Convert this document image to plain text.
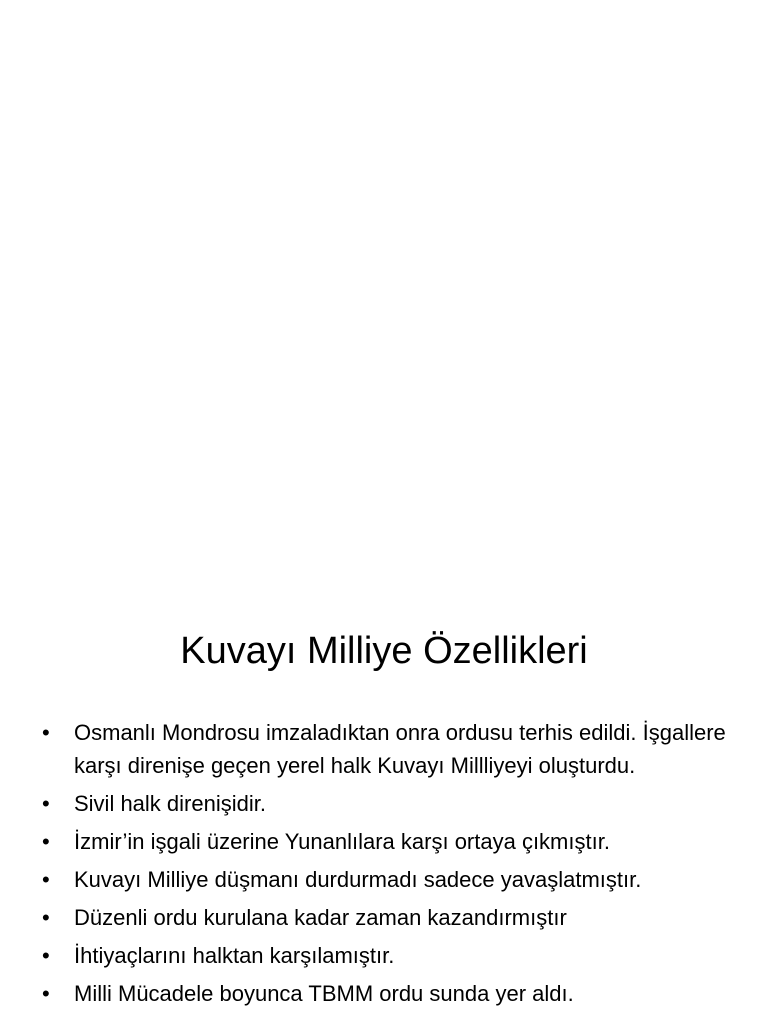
Kuvayı Milliye Özellikleri
•	Osmanlı Mondrosu imzaladıktan onra ordusu terhis edildi. İşgallere karşı direnişe geçen yerel halk Kuvayı Millliyeyi oluşturdu.
•	Sivil halk direnişidir.
•	İzmir’in işgali üzerine Yunanlılara karşı ortaya çıkmıştır.
•	Kuvayı Milliye düşmanı durdurmadı sadece yavaşlatmıştır.
•	Düzenli ordu kurulana kadar zaman kazandırmıştır
•	İhtiyaçlarını halktan karşılamıştır.
•	Milli Mücadele boyunca TBMM ordu sunda yer aldı.
